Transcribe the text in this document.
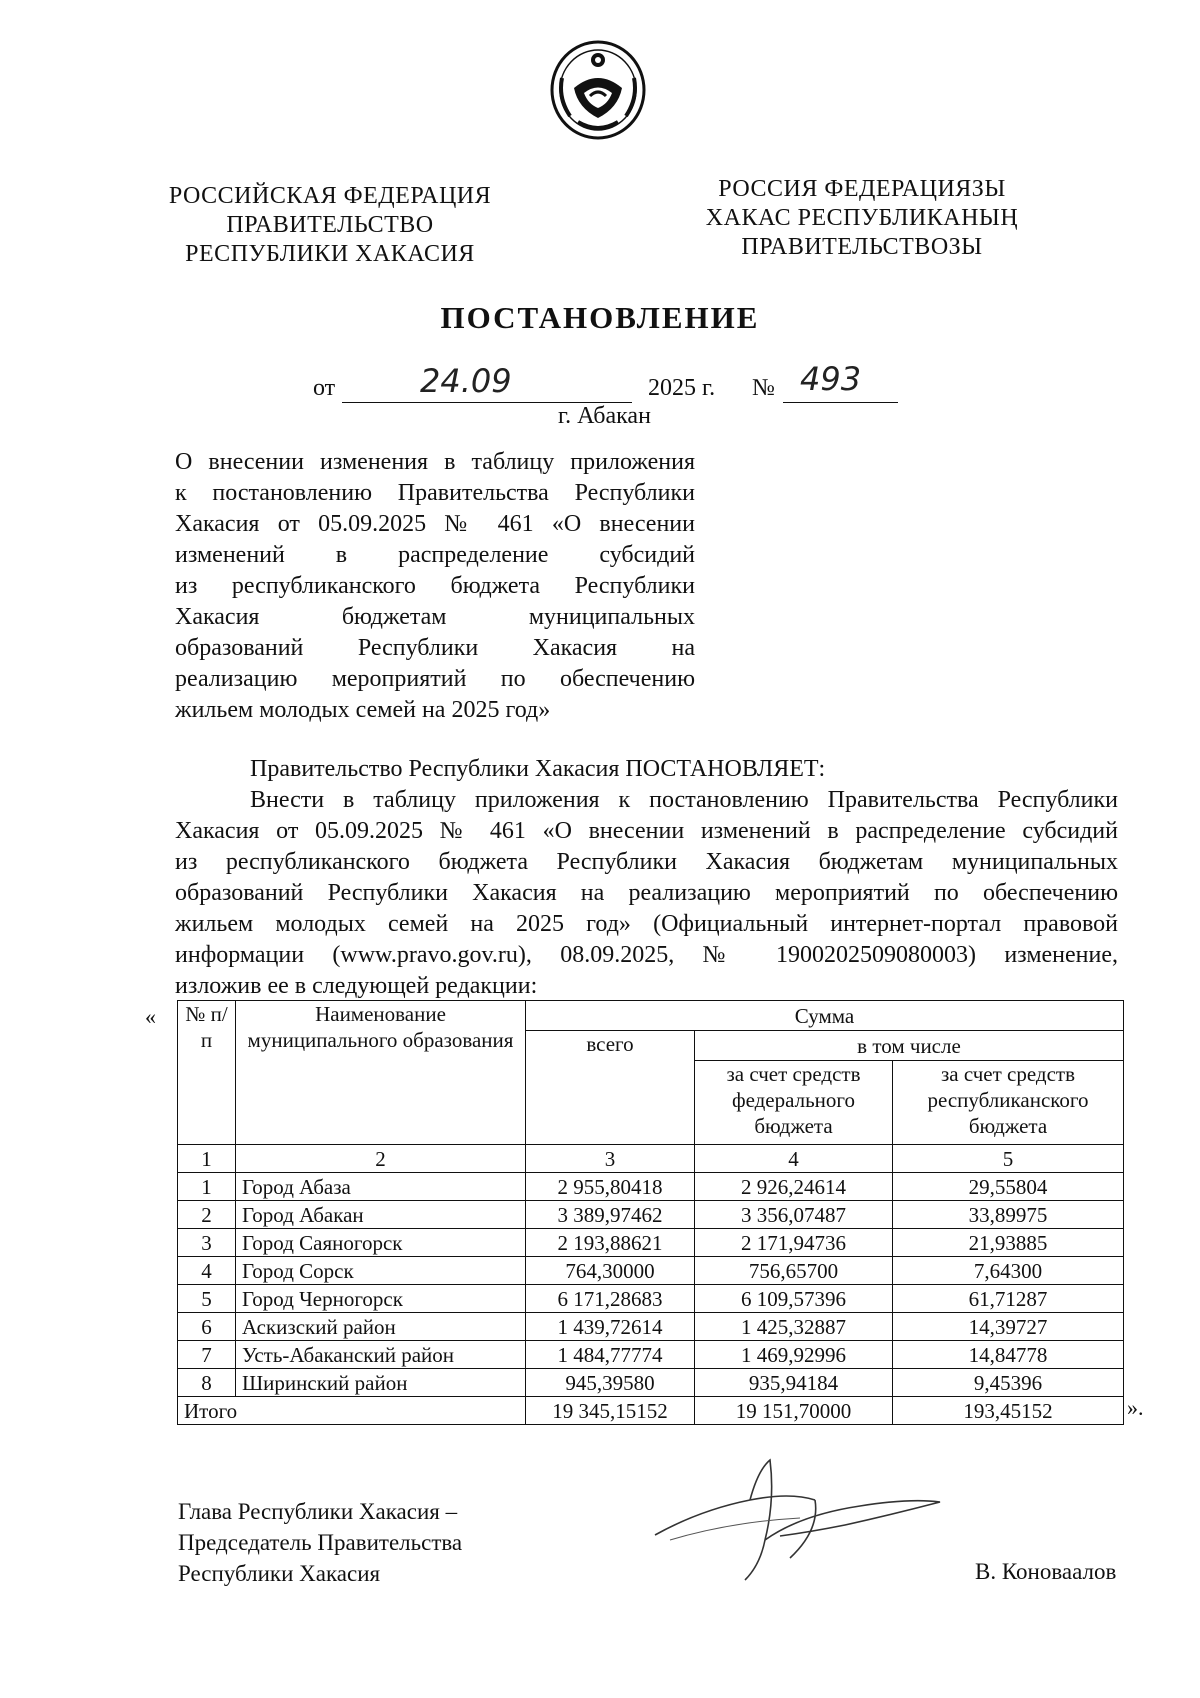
РОССИЙСКАЯ ФЕДЕРАЦИЯ
ПРАВИТЕЛЬСТВО
РЕСПУБЛИКИ ХАКАСИЯ
РОССИЯ ФЕДЕРАЦИЯЗЫ
ХАКАС РЕСПУБЛИКАНЫҢ
ПРАВИТЕЛЬСТВОЗЫ
ПОСТАНОВЛЕНИЕ
от	24.09	2025 г. № 493
г. Абакан
О внесении изменения в таблицу приложения
к постановлению Правительства Республики
Хакасия от 05.09.2025 № 461 «О внесении
изменений в распределение субсидий
из республиканского бюджета Республики
Хакасия бюджетам муниципальных
образований Республики Хакасия на
реализацию мероприятий по обеспечению
жильем молодых семей на 2025 год»
Правительство Республики Хакасия ПОСТАНОВЛЯЕТ:
Внести в таблицу приложения к постановлению Правительства Республики
Хакасия от 05.09.2025 № 461 «О внесении изменений в распределение субсидий
из республиканского бюджета Республики Хакасия бюджетам муниципальных
образований Республики Хакасия на реализацию мероприятий по обеспечению
жильем молодых семей на 2025 год» (Официальный интернет-портал правовой
информации (www.pravo.gov.ru), 08.09.2025, № 1900202509080003) изменение,
изложив ее в следующей редакции:
« № п/п	Наименование муниципального образования	Сумма		
		всего	в том числе	
			за счет средств федерального бюджета	за счет средств республиканского бюджета
1	2	3	4	5
1	Город Абаза	2 955,80418	2 926,24614	29,55804
2	Город Абакан	3 389,97462	3 356,07487	33,89975
3	Город Саяногорск	2 193,88621	2 171,94736	21,93885
4	Город Сорск	764,30000	756,65700	7,64300
5	Город Черногорск	6 171,28683	6 109,57396	61,71287
6	Аскизский район	1 439,72614	1 425,32887	14,39727
7	Усть-Абаканский район	1 484,77774	1 469,92996	14,84778
8	Ширинский район	945,39580	935,94184	9,45396
Итого		19 345,15152	19 151,70000	193,45152	».
Глава Республики Хакасия –
Председатель Правительства
Республики Хакасия	В. Коноваалов
